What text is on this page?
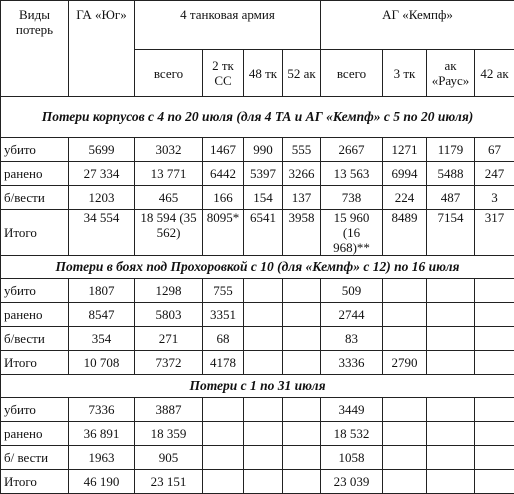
Виды потерь	ГА «Юг»	4 танковая армия				АГ «Кемпф»			
		всего	2 тк СС	48 тк	52 ак	всего	3 тк	ак «Раус»	42 ак
Потери корпусов с 4 по 20 июля (для 4 ТА и АГ «Кемпф» с 5 по 20 июля)									
убито	5699	3032	1467	990	555	2667	1271	1179	67
ранено	27 334	13 771	6442	5397	3266	13 563	6994	5488	247
б/вести	1203	465	166	154	137	738	224	487	3
Итого	34 554	18 594 (35 562)	8095*	6541	3958	15 960 (16 968)**	8489	7154	317
Потери в боях под Прохоровкой с 10 (для «Кемпф» с 12) по 16 июля									
убито	1807	1298	755			509			
ранено	8547	5803	3351			2744			
б/вести	354	271	68			83			
Итого	10 708	7372	4178			3336	2790		
Потери с 1 по 31 июля									
убито	7336	3887				3449			
ранено	36 891	18 359				18 532			
б/ вести	1963	905				1058			
Итого	46 190	23 151				23 039			
